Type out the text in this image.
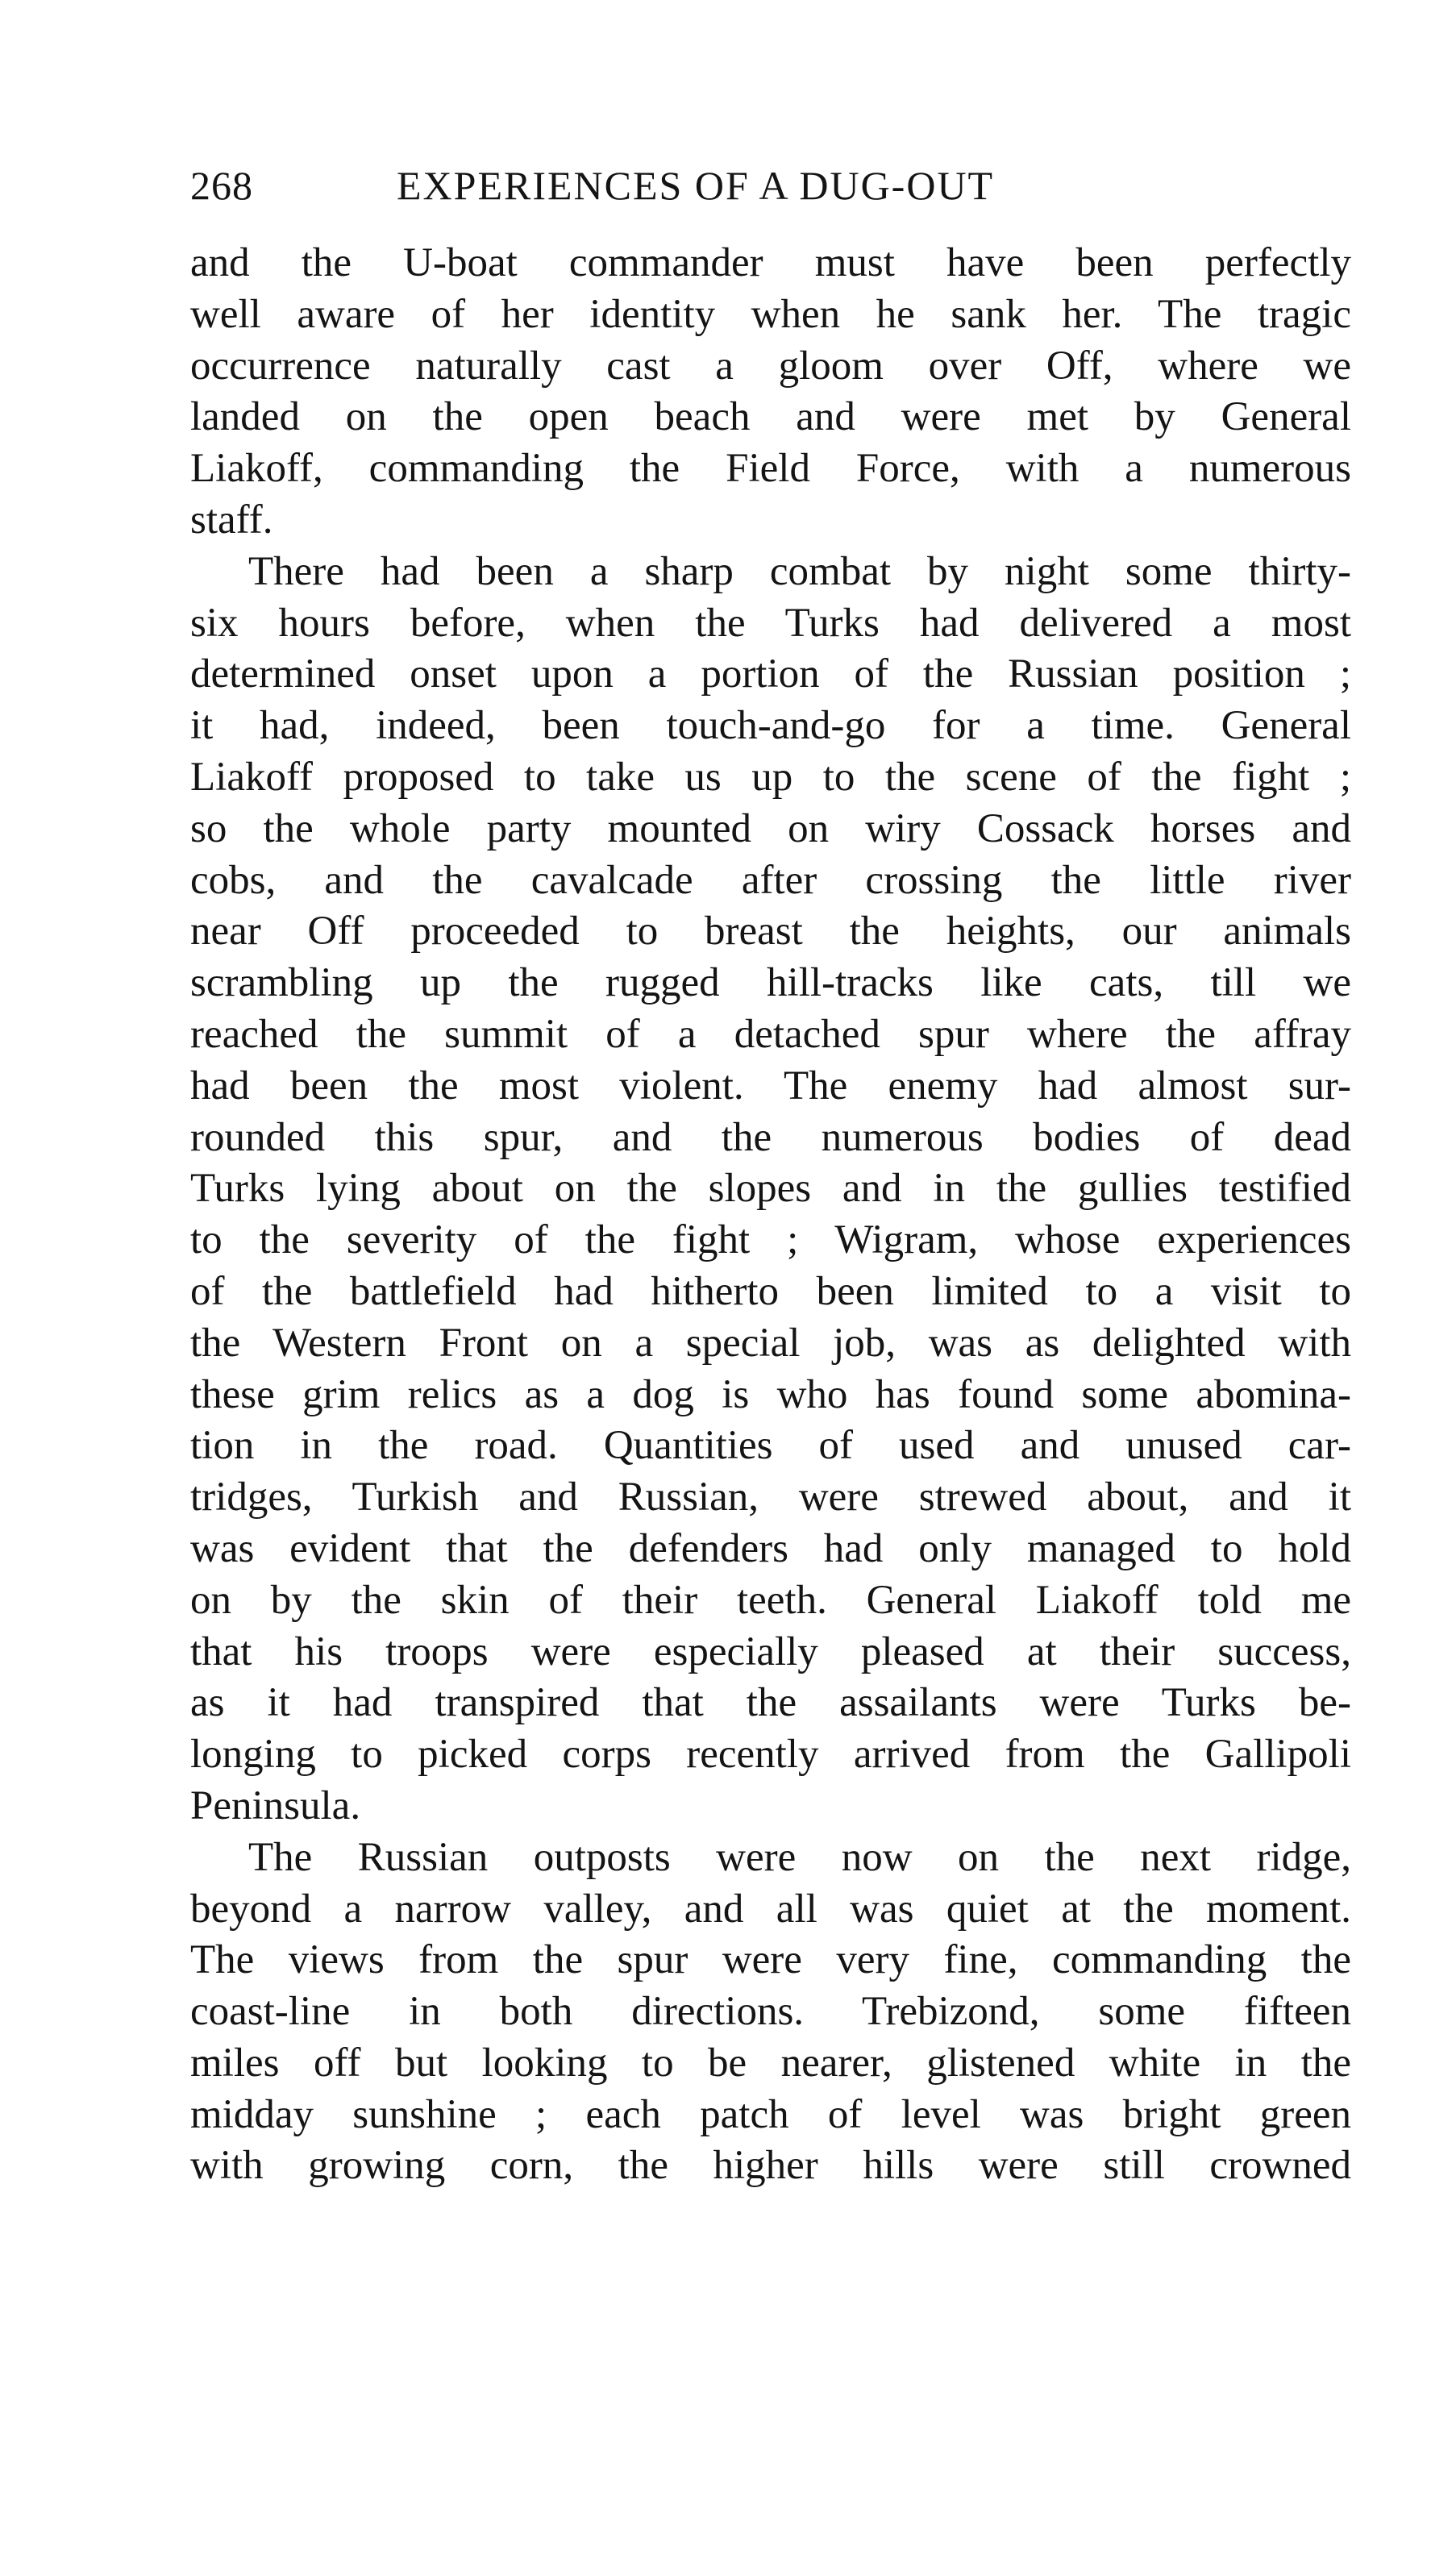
268	EXPERIENCES OF A DUG-OUT

and the U-boat commander must have been perfectly
well aware of her identity when he sank her. The tragic
occurrence naturally cast a gloom over Off, where we
landed on the open beach and were met by General
Liakoff, commanding the Field Force, with a numerous
staff.

There had been a sharp combat by night some thirty-
six hours before, when the Turks had delivered a most
determined onset upon a portion of the Russian position ;
it had, indeed, been touch-and-go for a time. General
Liakoff proposed to take us up to the scene of the fight ;
so the whole party mounted on wiry Cossack horses and
cobs, and the cavalcade after crossing the little river
near Off proceeded to breast the heights, our animals
scrambling up the rugged hill-tracks like cats, till we
reached the summit of a detached spur where the affray
had been the most violent. The enemy had almost sur-
rounded this spur, and the numerous bodies of dead
Turks lying about on the slopes and in the gullies testified
to the severity of the fight ; Wigram, whose experiences
of the battlefield had hitherto been limited to a visit to
the Western Front on a special job, was as delighted with
these grim relics as a dog is who has found some abomina-
tion in the road. Quantities of used and unused car-
tridges, Turkish and Russian, were strewed about, and it
was evident that the defenders had only managed to hold
on by the skin of their teeth. General Liakoff told me
that his troops were especially pleased at their success,
as it had transpired that the assailants were Turks be-
longing to picked corps recently arrived from the Gallipoli
Peninsula.

The Russian outposts were now on the next ridge,
beyond a narrow valley, and all was quiet at the moment.
The views from the spur were very fine, commanding the
coast-line in both directions. Trebizond, some fifteen
miles off but looking to be nearer, glistened white in the
midday sunshine ; each patch of level was bright green
with growing corn, the higher hills were still crowned
